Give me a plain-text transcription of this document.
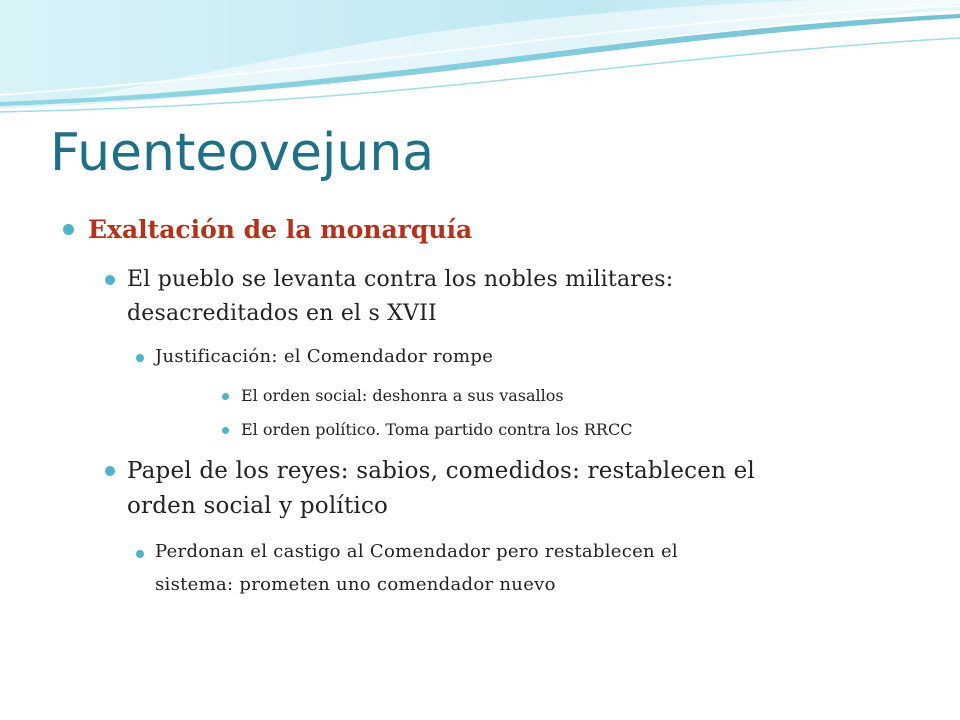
Fuenteovejuna
Exaltación de la monarquía
El pueblo se levanta contra los nobles militares:
desacreditados en el s XVII
Justificación: el Comendador rompe
El orden social: deshonra a sus vasallos
El orden político. Toma partido contra los RRCC
Papel de los reyes: sabios, comedidos: restablecen el
orden social y político
Perdonan el castigo al Comendador pero restablecen el
sistema: prometen uno comendador nuevo
